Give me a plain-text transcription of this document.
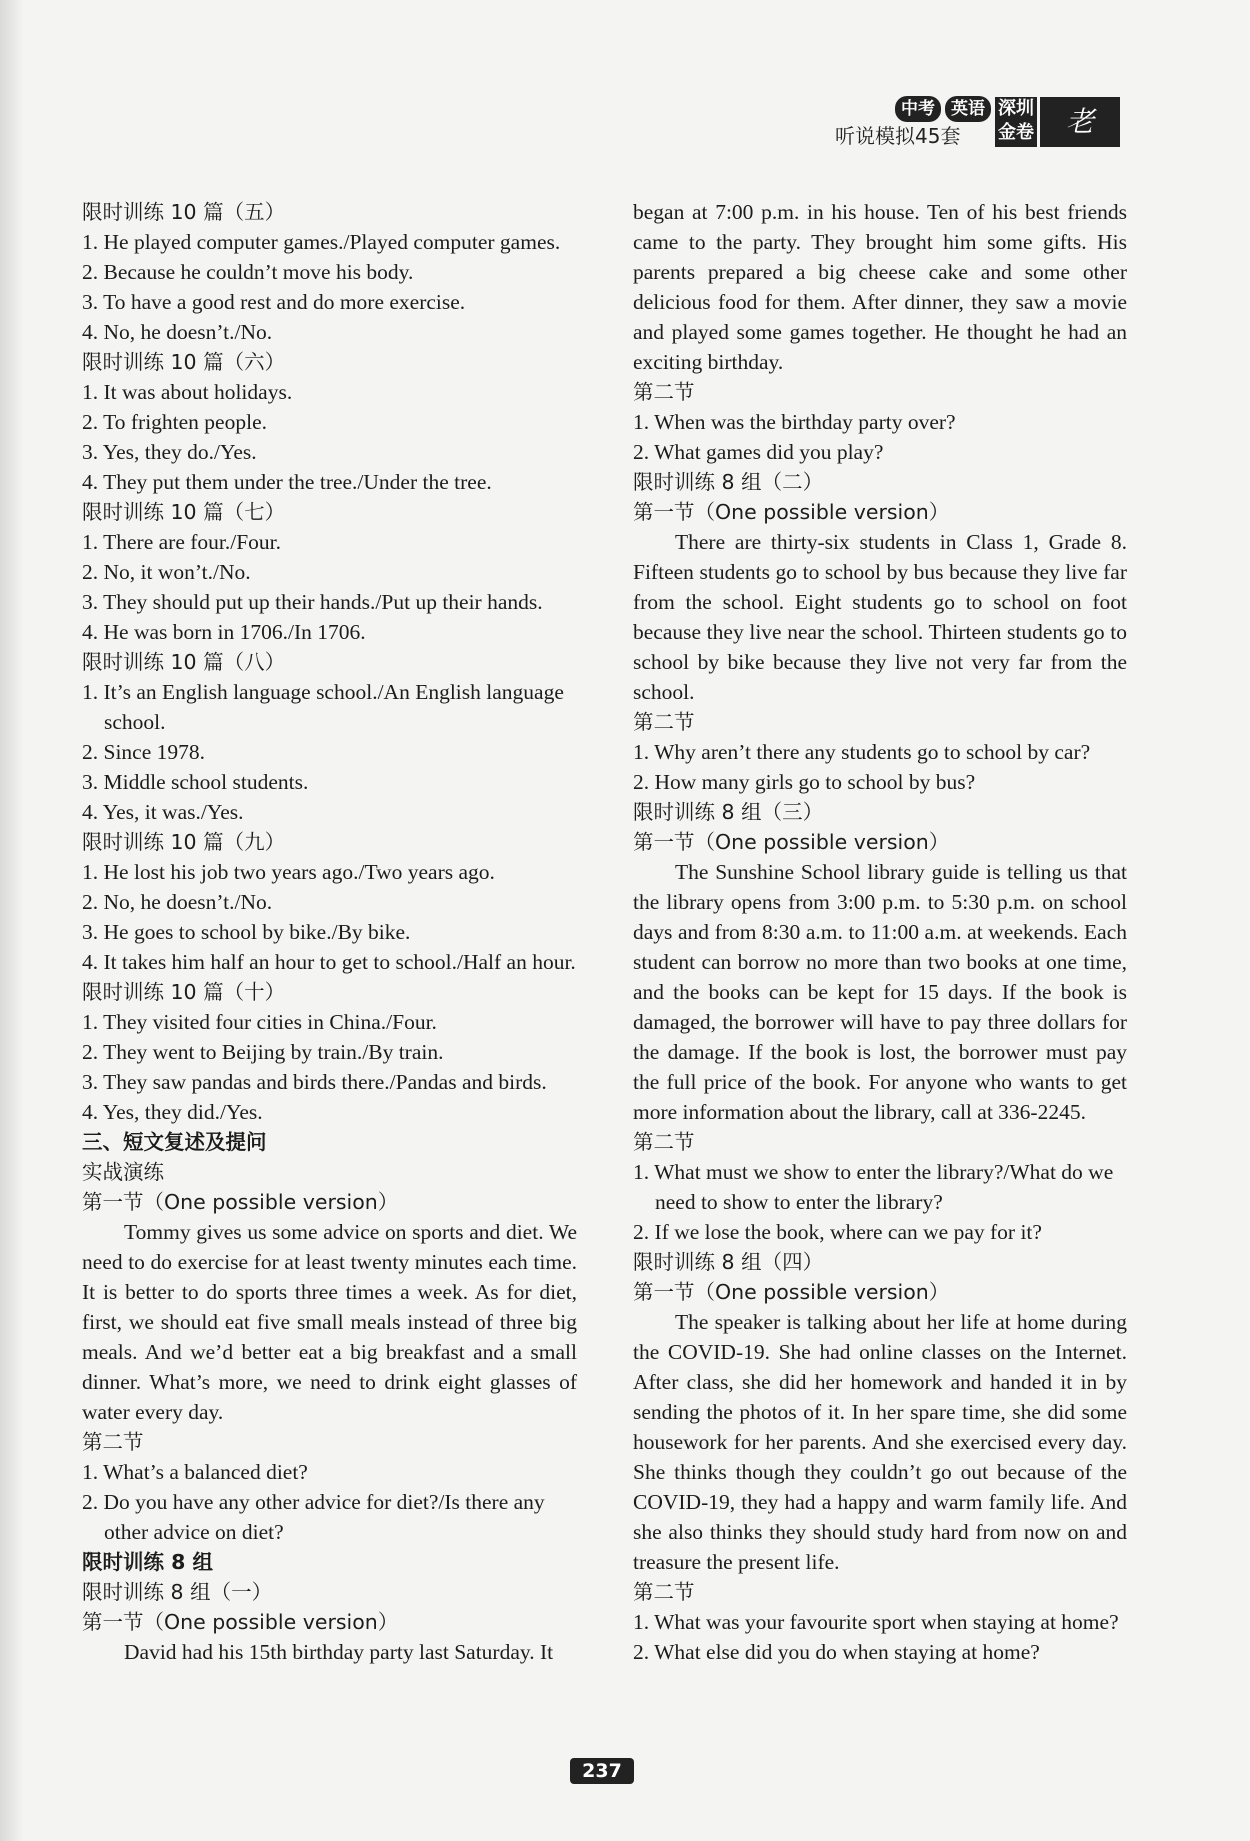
中考 英语
听说模拟45套
深圳
金卷	老
限时训练 10 篇（五）
1. He played computer games./Played computer games.
2. Because he couldn’t move his body.
3. To have a good rest and do more exercise.
4. No, he doesn’t./No.
限时训练 10 篇（六）
1. It was about holidays.
2. To frighten people.
3. Yes, they do./Yes.
4. They put them under the tree./Under the tree.
限时训练 10 篇（七）
1. There are four./Four.
2. No, it won’t./No.
3. They should put up their hands./Put up their hands.
4. He was born in 1706./In 1706.
限时训练 10 篇（八）
1. It’s an English language school./An English language school.
2. Since 1978.
3. Middle school students.
4. Yes, it was./Yes.
限时训练 10 篇（九）
1. He lost his job two years ago./Two years ago.
2. No, he doesn’t./No.
3. He goes to school by bike./By bike.
4. It takes him half an hour to get to school./Half an hour.
限时训练 10 篇（十）
1. They visited four cities in China./Four.
2. They went to Beijing by train./By train.
3. They saw pandas and birds there./Pandas and birds.
4. Yes, they did./Yes.
三、短文复述及提问
实战演练
第一节（One possible version）
Tommy gives us some advice on sports and diet. We need to do exercise for at least twenty minutes each time. It is better to do sports three times a week. As for diet, first, we should eat five small meals instead of three big meals. And we’d better eat a big breakfast and a small dinner. What’s more, we need to drink eight glasses of water every day.
第二节
1. What’s a balanced diet?
2. Do you have any other advice for diet?/Is there any other advice on diet?
限时训练 8 组
限时训练 8 组（一）
第一节（One possible version）
David had his 15th birthday party last Saturday. It
began at 7:00 p.m. in his house. Ten of his best friends came to the party. They brought him some gifts. His parents prepared a big cheese cake and some other delicious food for them. After dinner, they saw a movie and played some games together. He thought he had an exciting birthday.
第二节
1. When was the birthday party over?
2. What games did you play?
限时训练 8 组（二）
第一节（One possible version）
There are thirty-six students in Class 1, Grade 8. Fifteen students go to school by bus because they live far from the school. Eight students go to school on foot because they live near the school. Thirteen students go to school by bike because they live not very far from the school.
第二节
1. Why aren’t there any students go to school by car?
2. How many girls go to school by bus?
限时训练 8 组（三）
第一节（One possible version）
The Sunshine School library guide is telling us that the library opens from 3:00 p.m. to 5:30 p.m. on school days and from 8:30 a.m. to 11:00 a.m. at weekends. Each student can borrow no more than two books at one time, and the books can be kept for 15 days. If the book is damaged, the borrower will have to pay three dollars for the damage. If the book is lost, the borrower must pay the full price of the book. For anyone who wants to get more information about the library, call at 336-2245.
第二节
1. What must we show to enter the library?/What do we need to show to enter the library?
2. If we lose the book, where can we pay for it?
限时训练 8 组（四）
第一节（One possible version）
The speaker is talking about her life at home during the COVID-19. She had online classes on the Internet. After class, she did her homework and handed it in by sending the photos of it. In her spare time, she did some housework for her parents. And she exercised every day. She thinks though they couldn’t go out because of the COVID-19, they had a happy and warm family life. And she also thinks they should study hard from now on and treasure the present life.
第二节
1. What was your favourite sport when staying at home?
2. What else did you do when staying at home?
237
